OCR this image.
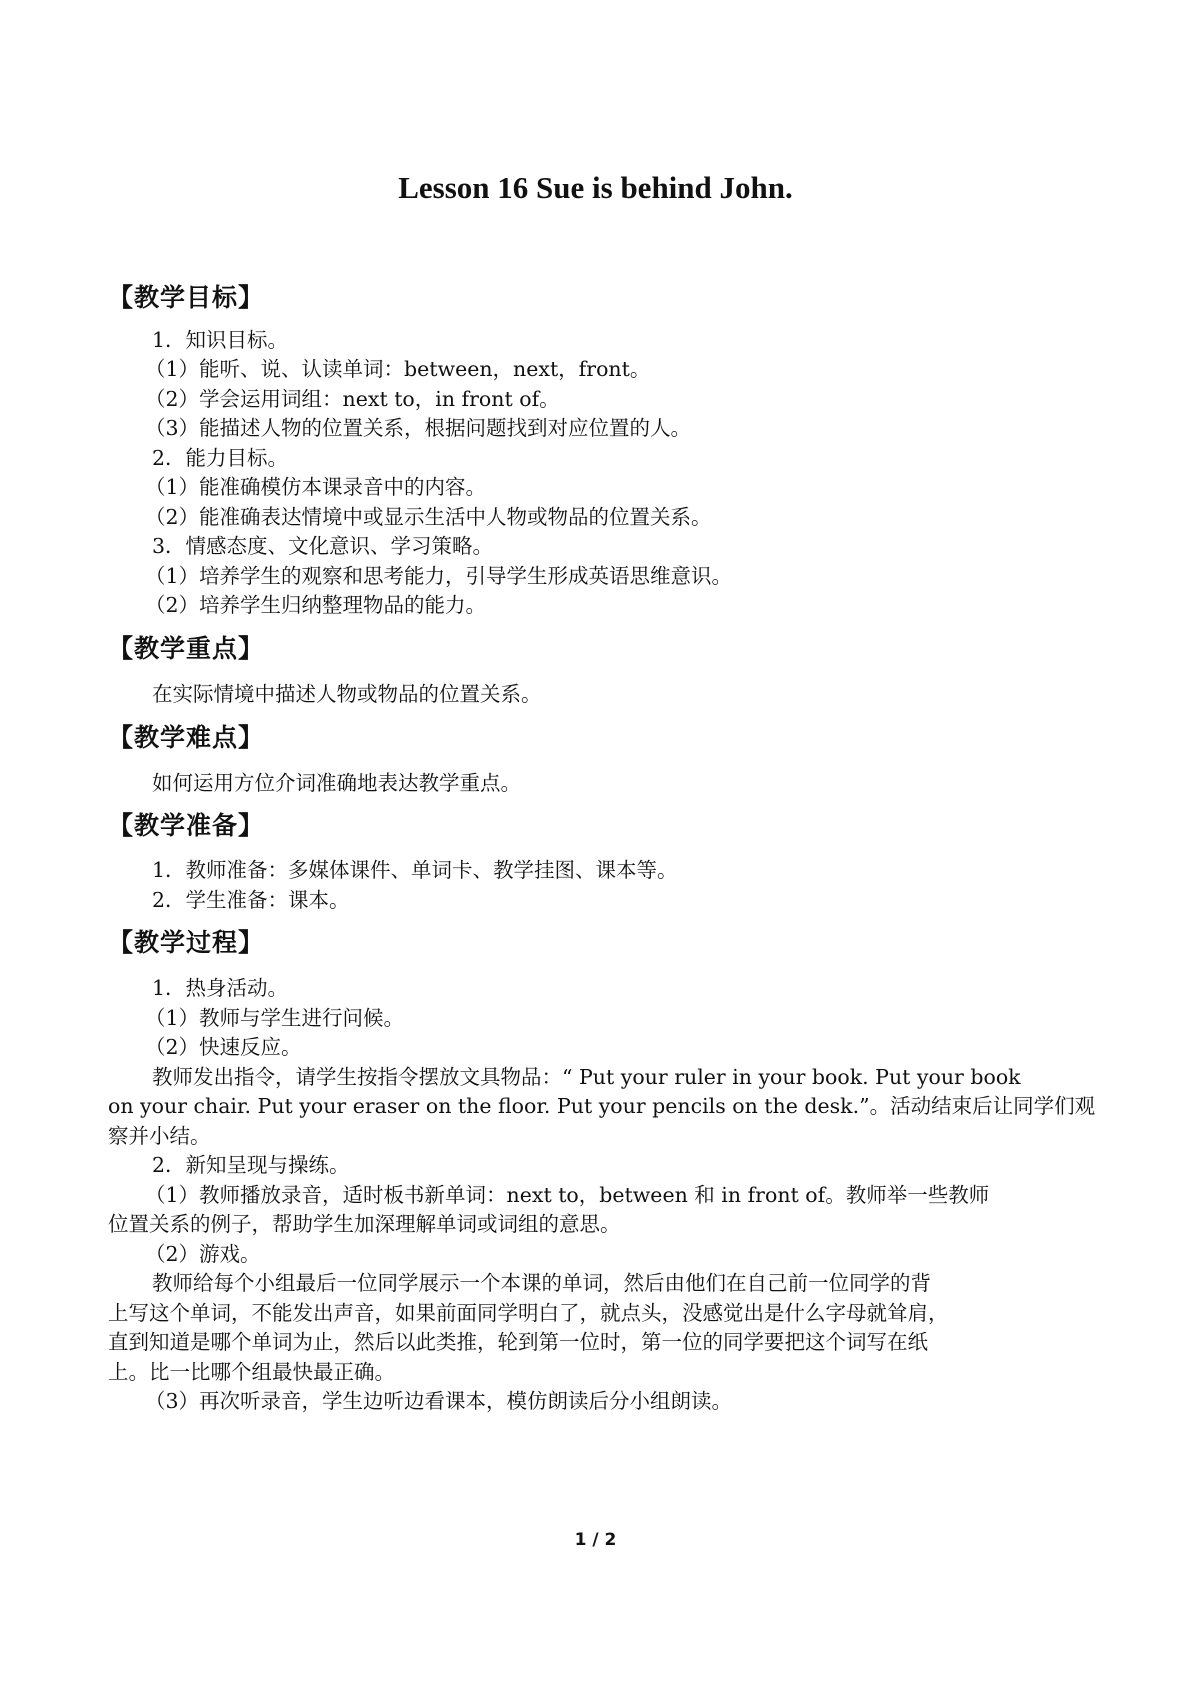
Lesson 16 Sue is behind John.
【教学目标】
1．知识目标。
（1）能听、说、认读单词：between，next，front。
（2）学会运用词组：next to，in front of。
（3）能描述人物的位置关系，根据问题找到对应位置的人。
2．能力目标。
（1）能准确模仿本课录音中的内容。
（2）能准确表达情境中或显示生活中人物或物品的位置关系。
3．情感态度、文化意识、学习策略。
（1）培养学生的观察和思考能力，引导学生形成英语思维意识。
（2）培养学生归纳整理物品的能力。
【教学重点】
在实际情境中描述人物或物品的位置关系。
【教学难点】
如何运用方位介词准确地表达教学重点。
【教学准备】
1．教师准备：多媒体课件、单词卡、教学挂图、课本等。
2．学生准备：课本。
【教学过程】
1．热身活动。
（1）教师与学生进行问候。
（2）快速反应。
教师发出指令，请学生按指令摆放文具物品：“ Put your ruler in your book. Put your book
on your chair. Put your eraser on the floor. Put your pencils on the desk.”。活动结束后让同学们观
察并小结。
2．新知呈现与操练。
（1）教师播放录音，适时板书新单词：next to，between 和 in front of。教师举一些教师
位置关系的例子，帮助学生加深理解单词或词组的意思。
（2）游戏。
教师给每个小组最后一位同学展示一个本课的单词，然后由他们在自己前一位同学的背
上写这个单词，不能发出声音，如果前面同学明白了，就点头，没感觉出是什么字母就耸肩，
直到知道是哪个单词为止，然后以此类推，轮到第一位时，第一位的同学要把这个词写在纸
上。比一比哪个组最快最正确。
（3）再次听录音，学生边听边看课本，模仿朗读后分小组朗读。
1 / 2
